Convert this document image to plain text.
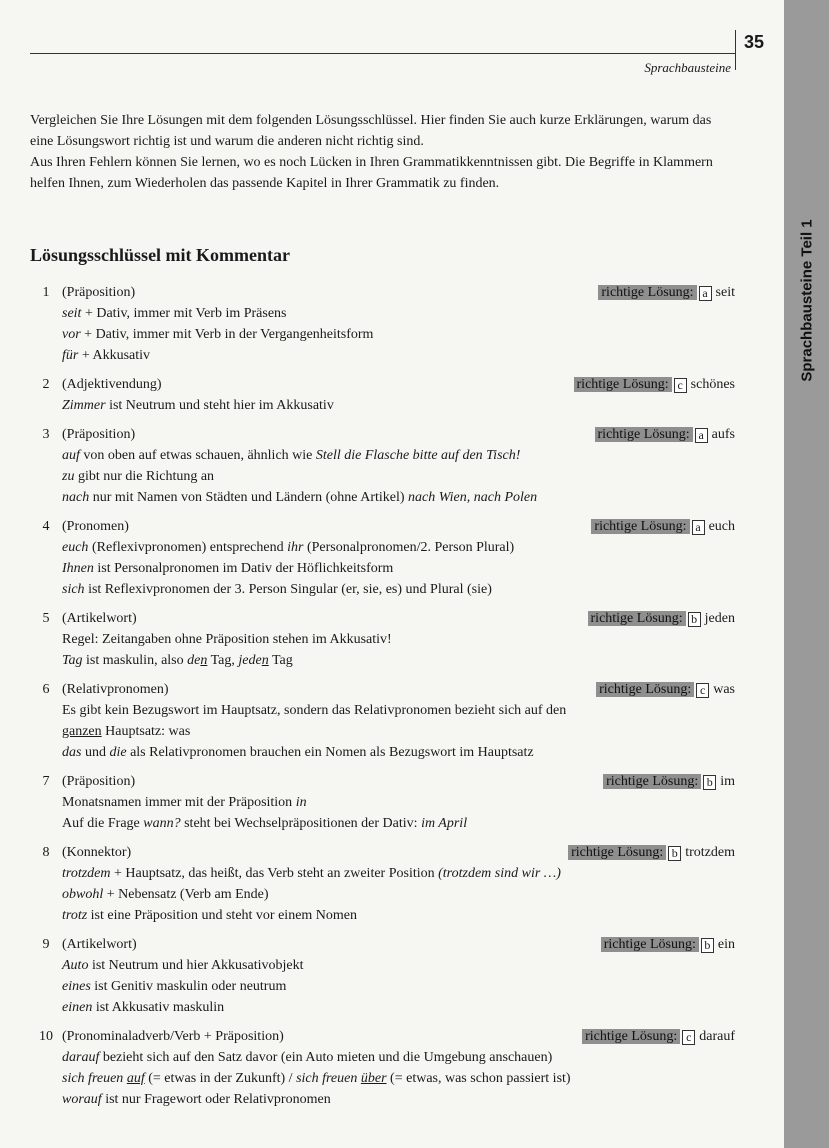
Sprachbausteine Teil 1
35
Sprachbausteine

Vergleichen Sie Ihre Lösungen mit dem folgenden Lösungsschlüssel. Hier finden Sie auch kurze Erklärungen, warum das eine Lösungswort richtig ist und warum die anderen nicht richtig sind.

Aus Ihren Fehlern können Sie lernen, wo es noch Lücken in Ihren Grammatikkenntnissen gibt. Die Begriffe in Klammern helfen Ihnen, zum Wiederholen das passende Kapitel in Ihrer Grammatik zu finden.

Lösungsschlüssel mit Kommentar
1 (Präposition)	richtige Lösung: a seit
seit + Dativ, immer mit Verb im Präsens
vor + Dativ, immer mit Verb in der Vergangenheitsform
für + Akkusativ
2 (Adjektivendung)	richtige Lösung: c schönes
Zimmer ist Neutrum und steht hier im Akkusativ
3 (Präposition)	richtige Lösung: a aufs
auf von oben auf etwas schauen, ähnlich wie Stell die Flasche bitte auf den Tisch!
zu gibt nur die Richtung an
nach nur mit Namen von Städten und Ländern (ohne Artikel) nach Wien, nach Polen
4 (Pronomen)	richtige Lösung: a euch
euch (Reflexivpronomen) entsprechend ihr (Personalpronomen/2. Person Plural)
Ihnen ist Personalpronomen im Dativ der Höflichkeitsform
sich ist Reflexivpronomen der 3. Person Singular (er, sie, es) und Plural (sie)
5 (Artikelwort)	richtige Lösung: b jeden
Regel: Zeitangaben ohne Präposition stehen im Akkusativ!
Tag ist maskulin, also den Tag, jeden Tag
6 (Relativpronomen)	richtige Lösung: c was
Es gibt kein Bezugswort im Hauptsatz, sondern das Relativpronomen bezieht sich auf den
ganzen Hauptsatz: was
das und die als Relativpronomen brauchen ein Nomen als Bezugswort im Hauptsatz
7 (Präposition)	richtige Lösung: b im
Monatsnamen immer mit der Präposition in
Auf die Frage wann? steht bei Wechselpräpositionen der Dativ: im April
8 (Konnektor)	richtige Lösung: b trotzdem
trotzdem + Hauptsatz, das heißt, das Verb steht an zweiter Position (trotzdem sind wir …)
obwohl + Nebensatz (Verb am Ende)
trotz ist eine Präposition und steht vor einem Nomen
9 (Artikelwort)	richtige Lösung: b ein
Auto ist Neutrum und hier Akkusativobjekt
eines ist Genitiv maskulin oder neutrum
einen ist Akkusativ maskulin
10 (Pronominaladverb/Verb + Präposition)	richtige Lösung: c darauf
darauf bezieht sich auf den Satz davor (ein Auto mieten und die Umgebung anschauen)
sich freuen auf (= etwas in der Zukunft) / sich freuen über (= etwas, was schon passiert ist)
worauf ist nur Fragewort oder Relativpronomen
